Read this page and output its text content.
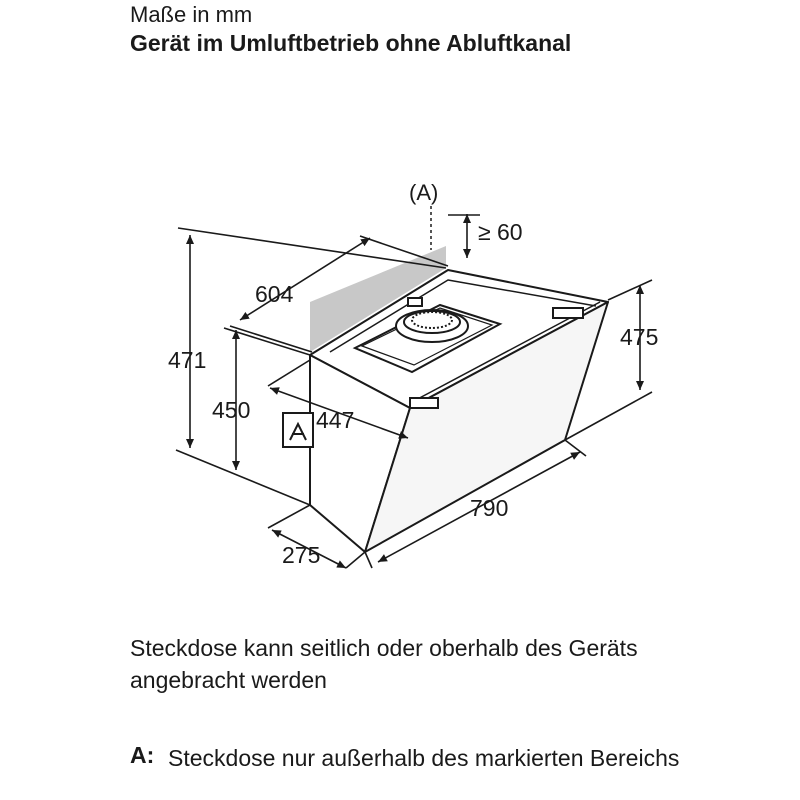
Maße in mm
Gerät im Umluftbetrieb ohne Abluftkanal
(A)
≥ 60
604
471
450	447
475
790
275
Steckdose kann seitlich oder oberhalb des Geräts angebracht werden
A: Steckdose nur außerhalb des markierten Bereichs
